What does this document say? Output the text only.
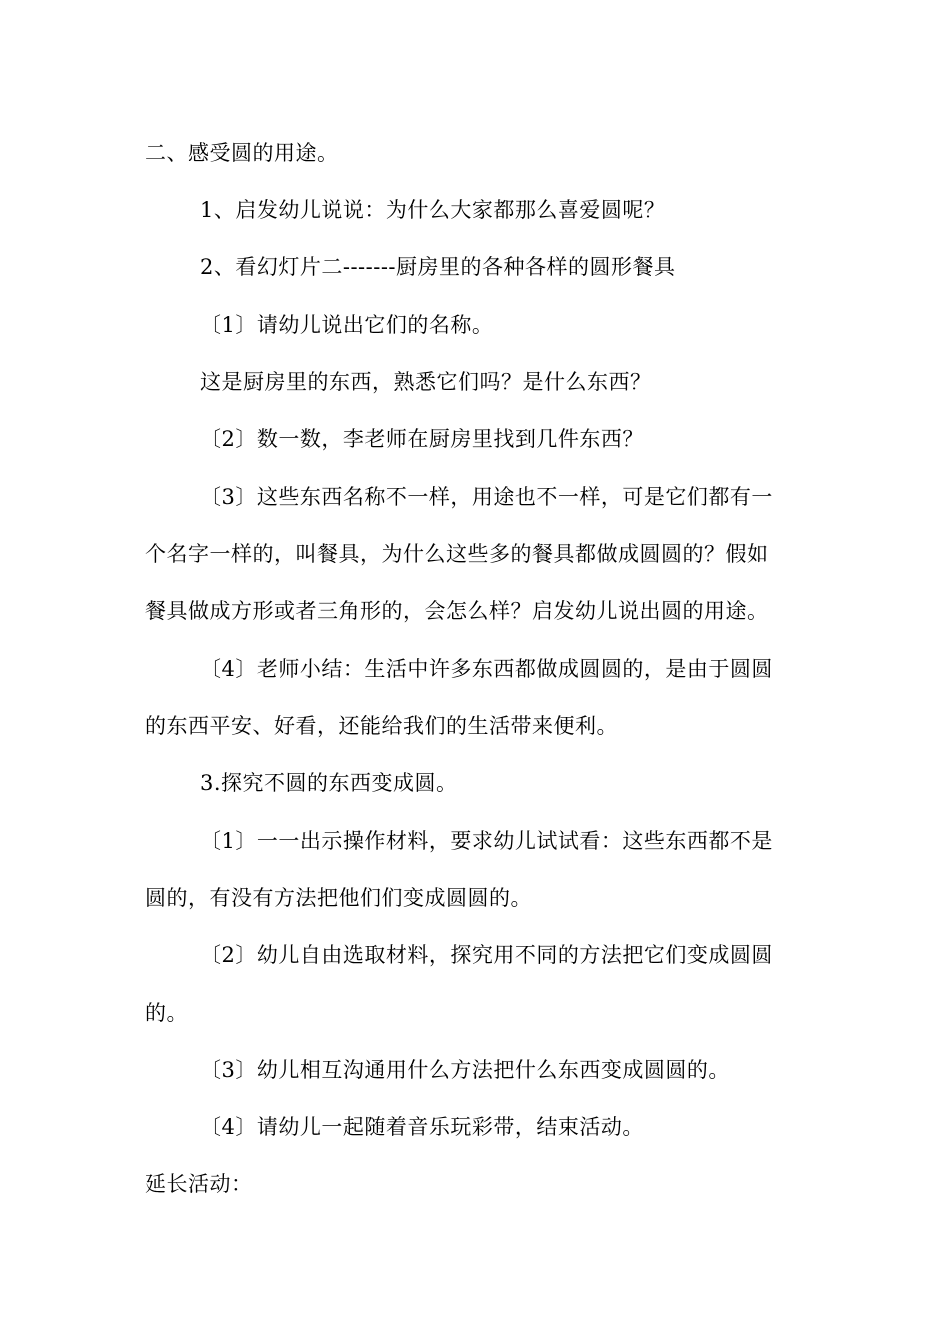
二、感受圆的用途。
1、启发幼儿说说：为什么大家都那么喜爱圆呢？
2、看幻灯片二-------厨房里的各种各样的圆形餐具
〔1〕请幼儿说出它们的名称。
这是厨房里的东西，熟悉它们吗？是什么东西？
〔2〕数一数，李老师在厨房里找到几件东西？
〔3〕这些东西名称不一样，用途也不一样，可是它们都有一
个名字一样的，叫餐具，为什么这些多的餐具都做成圆圆的？假如
餐具做成方形或者三角形的，会怎么样？启发幼儿说出圆的用途。
〔4〕老师小结：生活中许多东西都做成圆圆的，是由于圆圆
的东西平安、好看，还能给我们的生活带来便利。
3.探究不圆的东西变成圆。
〔1〕一一出示操作材料，要求幼儿试试看：这些东西都不是
圆的，有没有方法把他们们变成圆圆的。
〔2〕幼儿自由选取材料，探究用不同的方法把它们变成圆圆
的。
〔3〕幼儿相互沟通用什么方法把什么东西变成圆圆的。
〔4〕请幼儿一起随着音乐玩彩带，结束活动。
延长活动：
